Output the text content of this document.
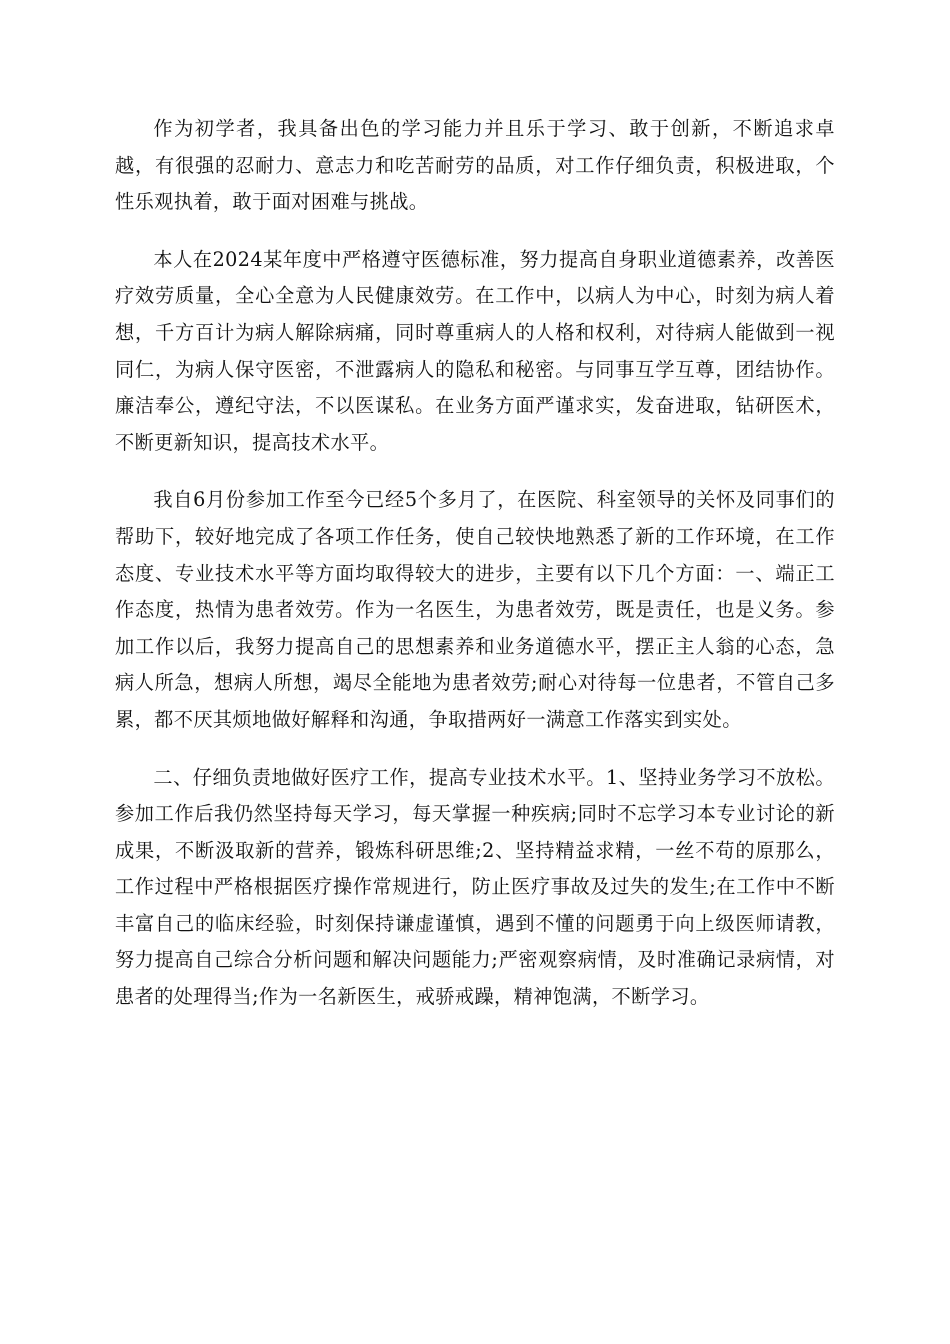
作为初学者，我具备出色的学习能力并且乐于学习、敢于创新，不断追求卓越，有很强的忍耐力、意志力和吃苦耐劳的品质，对工作仔细负责，积极进取，个性乐观执着，敢于面对困难与挑战。

本人在2024某年度中严格遵守医德标准，努力提高自身职业道德素养，改善医疗效劳质量，全心全意为人民健康效劳。在工作中，以病人为中心，时刻为病人着想，千方百计为病人解除病痛，同时尊重病人的人格和权利，对待病人能做到一视同仁，为病人保守医密，不泄露病人的隐私和秘密。与同事互学互尊，团结协作。廉洁奉公，遵纪守法，不以医谋私。在业务方面严谨求实，发奋进取，钻研医术，不断更新知识，提高技术水平。

我自6月份参加工作至今已经5个多月了，在医院、科室领导的关怀及同事们的帮助下，较好地完成了各项工作任务，使自己较快地熟悉了新的工作环境，在工作态度、专业技术水平等方面均取得较大的进步，主要有以下几个方面：一、端正工作态度，热情为患者效劳。作为一名医生，为患者效劳，既是责任，也是义务。参加工作以后，我努力提高自己的思想素养和业务道德水平，摆正主人翁的心态，急病人所急，想病人所想，竭尽全能地为患者效劳;耐心对待每一位患者，不管自己多累，都不厌其烦地做好解释和沟通，争取措两好一满意工作落实到实处。

二、仔细负责地做好医疗工作，提高专业技术水平。1、坚持业务学习不放松。参加工作后我仍然坚持每天学习，每天掌握一种疾病;同时不忘学习本专业讨论的新成果，不断汲取新的营养，锻炼科研思维;2、坚持精益求精，一丝不苟的原那么，工作过程中严格根据医疗操作常规进行，防止医疗事故及过失的发生;在工作中不断丰富自己的临床经验，时刻保持谦虚谨慎，遇到不懂的问题勇于向上级医师请教，努力提高自己综合分析问题和解决问题能力;严密观察病情，及时准确记录病情，对患者的处理得当;作为一名新医生，戒骄戒躁，精神饱满，不断学习。
